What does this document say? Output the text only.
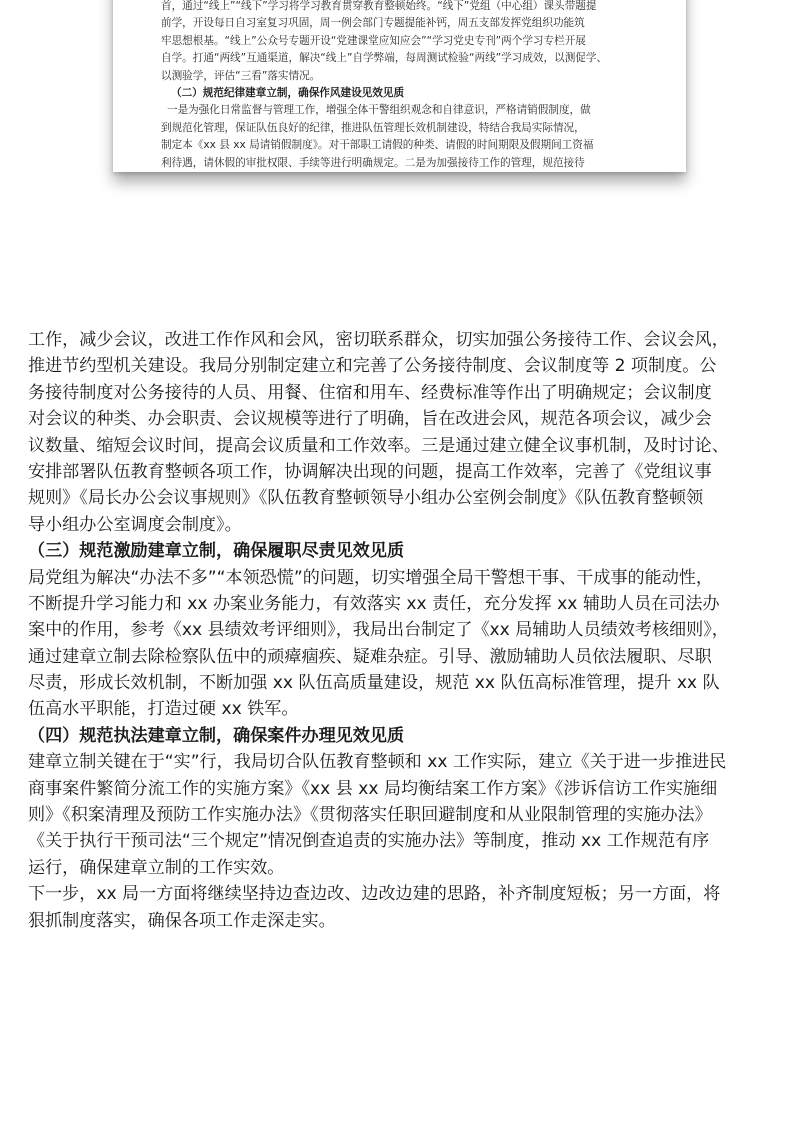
首，通过“线上”“线下”学习将学习教育贯穿教育整顿始终。“线下”党组（中心组）课头带题提
前学，开设每日自习室复习巩固，周一例会部门专题提能补钙，周五支部发挥党组织功能筑
牢思想根基。“线上”公众号专题开设“党建课堂应知应会”“学习党史专刊”两个学习专栏开展
自学。打通“两线”互通渠道，解决“线上”自学弊端，每周测试检验“两线”学习成效，以测促学、
以测验学，评估“三看”落实情况。
（二）规范纪律建章立制，确保作风建设见效见质
一是为强化日常监督与管理工作，增强全体干警组织观念和自律意识，严格请销假制度，做
到规范化管理，保证队伍良好的纪律，推进队伍管理长效机制建设，特结合我局实际情况，
制定本《xx 县 xx 局请销假制度》。对干部职工请假的种类、请假的时间期限及假期间工资福
利待遇，请休假的审批权限、手续等进行明确规定。二是为加强接待工作的管理，规范接待
工作，减少会议，改进工作作风和会风，密切联系群众，切实加强公务接待工作、会议会风，
推进节约型机关建设。我局分别制定建立和完善了公务接待制度、会议制度等 2 项制度。公
务接待制度对公务接待的人员、用餐、住宿和用车、经费标准等作出了明确规定；会议制度
对会议的种类、办会职责、会议规模等进行了明确，旨在改进会风，规范各项会议，减少会
议数量、缩短会议时间，提高会议质量和工作效率。三是通过建立健全议事机制，及时讨论、
安排部署队伍教育整顿各项工作，协调解决出现的问题，提高工作效率，完善了《党组议事
规则》《局长办公会议事规则》《队伍教育整顿领导小组办公室例会制度》《队伍教育整顿领
导小组办公室调度会制度》。
（三）规范激励建章立制，确保履职尽责见效见质
局党组为解决“办法不多”“本领恐慌”的问题，切实增强全局干警想干事、干成事的能动性，
不断提升学习能力和 xx 办案业务能力，有效落实 xx 责任，充分发挥 xx 辅助人员在司法办
案中的作用，参考《xx 县绩效考评细则》，我局出台制定了《xx 局辅助人员绩效考核细则》，
通过建章立制去除检察队伍中的顽瘴痼疾、疑难杂症。引导、激励辅助人员依法履职、尽职
尽责，形成长效机制，不断加强 xx 队伍高质量建设，规范 xx 队伍高标准管理，提升 xx 队
伍高水平职能，打造过硬 xx 铁军。
（四）规范执法建章立制，确保案件办理见效见质
建章立制关键在于“实”行，我局切合队伍教育整顿和 xx 工作实际，建立《关于进一步推进民
商事案件繁简分流工作的实施方案》《xx 县 xx 局均衡结案工作方案》《涉诉信访工作实施细
则》《积案清理及预防工作实施办法》《贯彻落实任职回避制度和从业限制管理的实施办法》
《关于执行干预司法“三个规定”情况倒查追责的实施办法》等制度，推动 xx 工作规范有序
运行，确保建章立制的工作实效。
下一步，xx 局一方面将继续坚持边查边改、边改边建的思路，补齐制度短板；另一方面，将
狠抓制度落实，确保各项工作走深走实。
